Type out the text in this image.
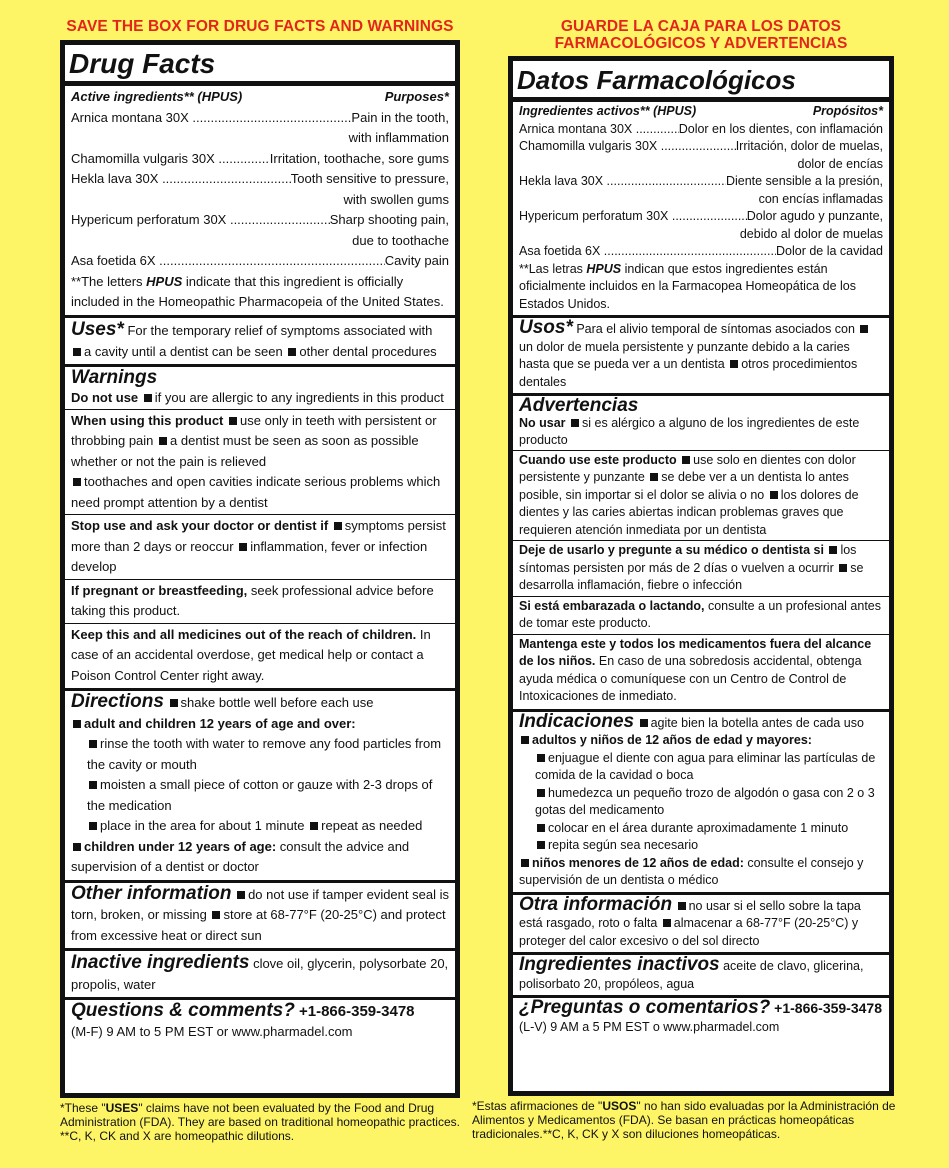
SAVE THE BOX FOR DRUG FACTS AND WARNINGS
Drug Facts
Active ingredients** (HPUS)	Purposes*
Arnica montana 30X .....	Pain in the tooth,
with inflammation
Chamomilla vulgaris 30X .....	Irritation, toothache, sore gums
Hekla lava 30X .....	Tooth sensitive to pressure,
with swollen gums
Hypericum perforatum 30X .....	Sharp shooting pain,
due to toothache
Asa foetida 6X .....	Cavity pain
**The letters HPUS indicate that this ingredient is officially included in the Homeopathic Pharmacopeia of the United States.
Uses* For the temporary relief of symptoms associated with
a cavity until a dentist can be seen other dental procedures
Warnings
Do not use if you are allergic to any ingredients in this product
When using this product use only in teeth with persistent or throbbing pain a dentist must be seen as soon as possible whether or not the pain is relieved
toothaches and open cavities indicate serious problems which need prompt attention by a dentist
Stop use and ask your doctor or dentist if symptoms persist more than 2 days or reoccur inflammation, fever or infection develop
If pregnant or breastfeeding, seek professional advice before taking this product.
Keep this and all medicines out of the reach of children. In case of an accidental overdose, get medical help or contact a Poison Control Center right away.
Directions shake bottle well before each use
adult and children 12 years of age and over:
rinse the tooth with water to remove any food particles from the cavity or mouth
moisten a small piece of cotton or gauze with 2-3 drops of the medication
place in the area for about 1 minute repeat as needed
children under 12 years of age: consult the advice and supervision of a dentist or doctor
Other information do not use if tamper evident seal is torn, broken, or missing store at 68-77°F (20-25°C) and protect from excessive heat or direct sun
Inactive ingredients clove oil, glycerin, polysorbate 20, propolis, water
Questions & comments? +1-866-359-3478
(M-F) 9 AM to 5 PM EST or www.pharmadel.com
*These "USES" claims have not been evaluated by the Food and Drug Administration (FDA). They are based on traditional homeopathic practices. **C, K, CK and X are homeopathic dilutions.
GUARDE LA CAJA PARA LOS DATOS FARMACOLÓGICOS Y ADVERTENCIAS
Datos Farmacológicos
Ingredientes activos** (HPUS)	Propósitos*
Arnica montana 30X .....	Dolor en los dientes, con inflamación
Chamomilla vulgaris 30X .....	Irritación, dolor de muelas,
dolor de encías
Hekla lava 30X .....	Diente sensible a la presión,
con encías inflamadas
Hypericum perforatum 30X .....	Dolor agudo y punzante,
debido al dolor de muelas
Asa foetida 6X .....	Dolor de la cavidad
**Las letras HPUS indican que estos ingredientes están oficialmente incluidos en la Farmacopea Homeopática de los Estados Unidos.
Usos* Para el alivio temporal de síntomas asociados con un dolor de muela persistente y punzante debido a la caries hasta que se pueda ver a un dentista otros procedimientos dentales
Advertencias
No usar si es alérgico a alguno de los ingredientes de este producto
Cuando use este producto use solo en dientes con dolor persistente y punzante se debe ver a un dentista lo antes posible, sin importar si el dolor se alivia o no los dolores de dientes y las caries abiertas indican problemas graves que requieren atención inmediata por un dentista
Deje de usarlo y pregunte a su médico o dentista si los síntomas persisten por más de 2 días o vuelven a ocurrir se desarrolla inflamación, fiebre o infección
Si está embarazada o lactando, consulte a un profesional antes de tomar este producto.
Mantenga este y todos los medicamentos fuera del alcance de los niños. En caso de una sobredosis accidental, obtenga ayuda médica o comuníquese con un Centro de Control de Intoxicaciones de inmediato.
Indicaciones agite bien la botella antes de cada uso
adultos y niños de 12 años de edad y mayores:
enjuague el diente con agua para eliminar las partículas de comida de la cavidad o boca
humedezca un pequeño trozo de algodón o gasa con 2 o 3 gotas del medicamento
colocar en el área durante aproximadamente 1 minuto
repita según sea necesario
niños menores de 12 años de edad: consulte el consejo y supervisión de un dentista o médico
Otra información no usar si el sello sobre la tapa está rasgado, roto o falta almacenar a 68-77°F (20-25°C) y proteger del calor excesivo o del sol directo
Ingredientes inactivos aceite de clavo, glicerina, polisorbato 20, propóleos, agua
¿Preguntas o comentarios? +1-866-359-3478
(L-V) 9 AM a 5 PM EST o www.pharmadel.com
*Estas afirmaciones de "USOS" no han sido evaluadas por la Administración de Alimentos y Medicamentos (FDA). Se basan en prácticas homeopáticas tradicionales.**C, K, CK y X son diluciones homeopáticas.
